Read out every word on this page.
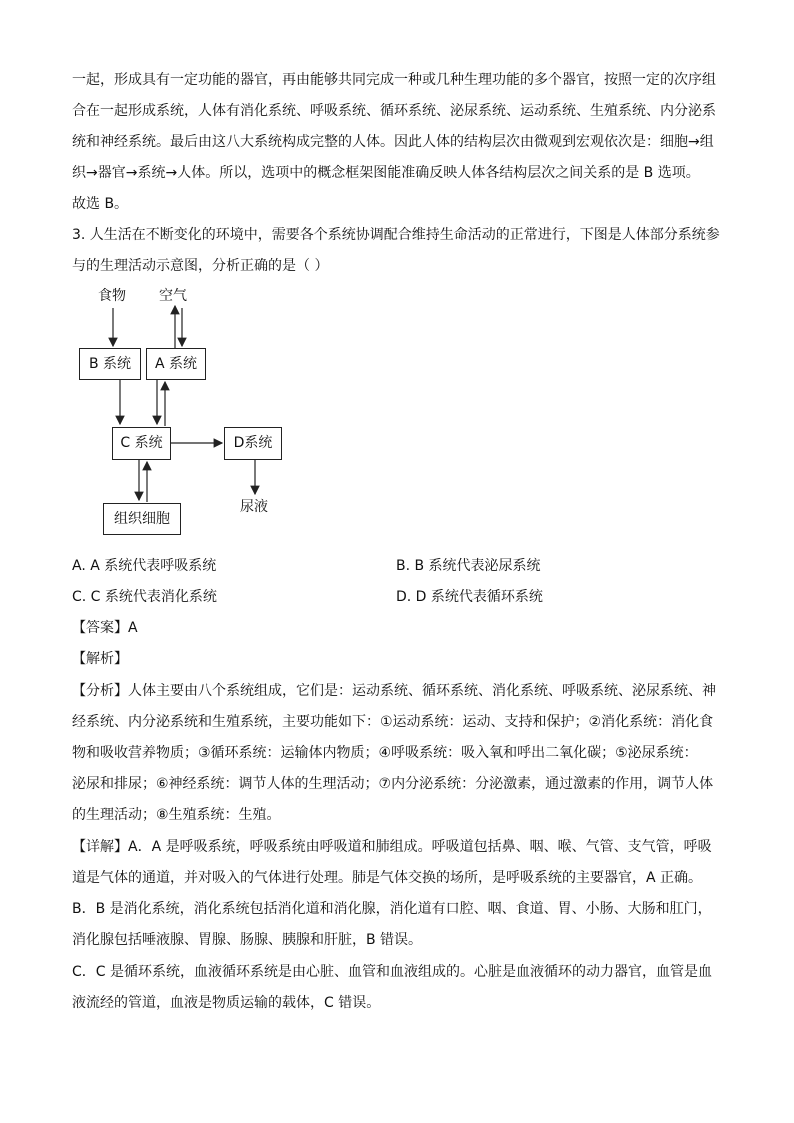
一起，形成具有一定功能的器官，再由能够共同完成一种或几种生理功能的多个器官，按照一定的次序组
合在一起形成系统，人体有消化系统、呼吸系统、循环系统、泌尿系统、运动系统、生殖系统、内分泌系
统和神经系统。最后由这八大系统构成完整的人体。因此人体的结构层次由微观到宏观依次是：细胞→组
织→器官→系统→人体。所以，选项中的概念框架图能准确反映人体各结构层次之间关系的是 B 选项。
故选 B。
3. 人生活在不断变化的环境中，需要各个系统协调配合维持生命活动的正常进行，下图是人体部分系统参
与的生理活动示意图，分析正确的是（ ）
食物 空气
B 系统	A 系统
C 系统	D系统
尿液
组织细胞
A. A 系统代表呼吸系统	B. B 系统代表泌尿系统
C. C 系统代表消化系统	D. D 系统代表循环系统
【答案】A
【解析】
【分析】人体主要由八个系统组成，它们是：运动系统、循环系统、消化系统、呼吸系统、泌尿系统、神
经系统、内分泌系统和生殖系统，主要功能如下：①运动系统：运动、支持和保护；②消化系统：消化食
物和吸收营养物质；③循环系统：运输体内物质；④呼吸系统：吸入氧和呼出二氧化碳；⑤泌尿系统：
泌尿和排尿；⑥神经系统：调节人体的生理活动；⑦内分泌系统：分泌激素，通过激素的作用，调节人体
的生理活动；⑧生殖系统：生殖。
【详解】A．A 是呼吸系统，呼吸系统由呼吸道和肺组成。呼吸道包括鼻、咽、喉、气管、支气管，呼吸
道是气体的通道，并对吸入的气体进行处理。肺是气体交换的场所，是呼吸系统的主要器官，A 正确。
B．B 是消化系统，消化系统包括消化道和消化腺，消化道有口腔、咽、食道、胃、小肠、大肠和肛门，
消化腺包括唾液腺、胃腺、肠腺、胰腺和肝脏，B 错误。
C．C 是循环系统，血液循环系统是由心脏、血管和血液组成的。心脏是血液循环的动力器官，血管是血
液流经的管道，血液是物质运输的载体，C 错误。
